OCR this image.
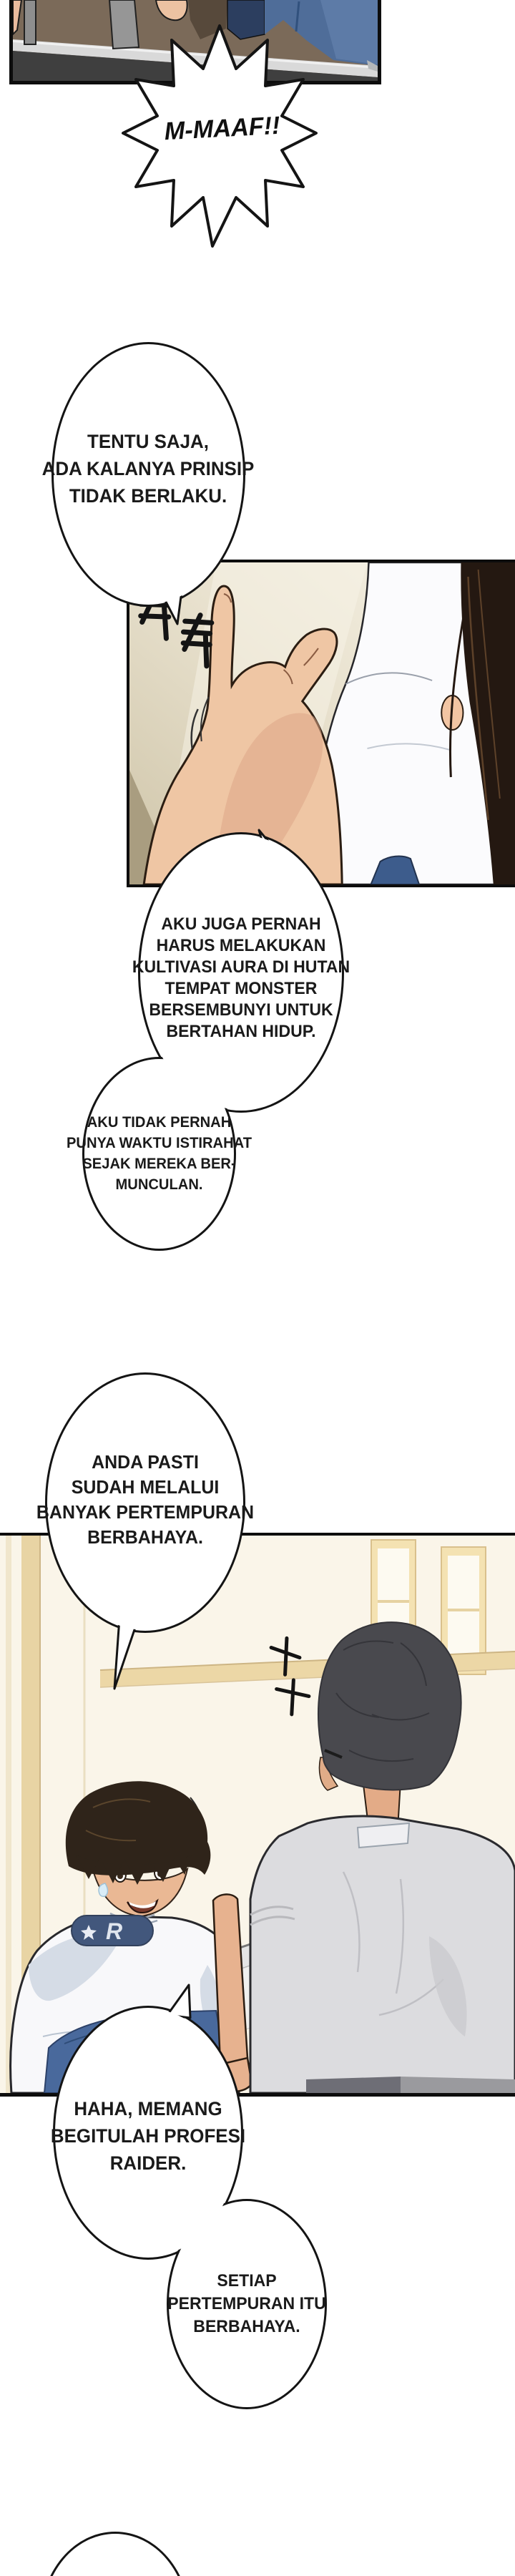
R
M-MAAF!!
TENTU SAJA,
ADA KALANYA PRINSIP
TIDAK BERLAKU.
AKU JUGA PERNAH
HARUS MELAKUKAN
KULTIVASI AURA DI HUTAN
TEMPAT MONSTER
BERSEMBUNYI UNTUK
BERTAHAN HIDUP.
AKU TIDAK PERNAH
PUNYA WAKTU ISTIRAHAT
SEJAK MEREKA BER-
MUNCULAN.
ANDA PASTI
SUDAH MELALUI
BANYAK PERTEMPURAN
BERBAHAYA.
HAHA, MEMANG
BEGITULAH PROFESI
RAIDER.
SETIAP
PERTEMPURAN ITU
BERBAHAYA.
